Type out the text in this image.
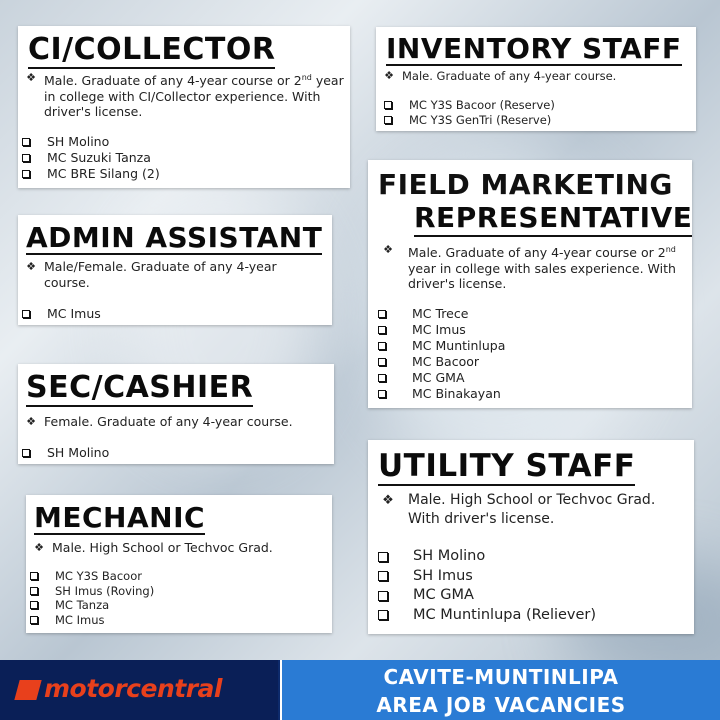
CI/COLLECTOR
❖ Male. Graduate of any 4-year course or 2nd year in college with CI/Collector experience. With driver's license.
SH Molino
MC Suzuki Tanza
MC BRE Silang (2)
ADMIN ASSISTANT
❖ Male/Female. Graduate of any 4-year course.
MC Imus
SEC/CASHIER
❖ Female. Graduate of any 4-year course.
SH Molino
MECHANIC
❖ Male. High School or Techvoc Grad.
MC Y3S Bacoor
SH Imus (Roving)
MC Tanza
MC Imus
INVENTORY STAFF
❖ Male. Graduate of any 4-year course.
MC Y3S Bacoor (Reserve)
MC Y3S GenTri (Reserve)
FIELD MARKETING
REPRESENTATIVE
❖	Male. Graduate of any 4-year course or 2nd year in college with sales experience. With driver's license.
MC Trece
MC Imus
MC Muntinlupa
MC Bacoor
MC GMA
MC Binakayan
UTILITY STAFF
❖	Male. High School or Techvoc Grad. With driver's license.
SH Molino
SH Imus
MC GMA
MC Muntinlupa (Reliever)
motorcentral	CAVITE-MUNTINLIPA
AREA JOB VACANCIES
